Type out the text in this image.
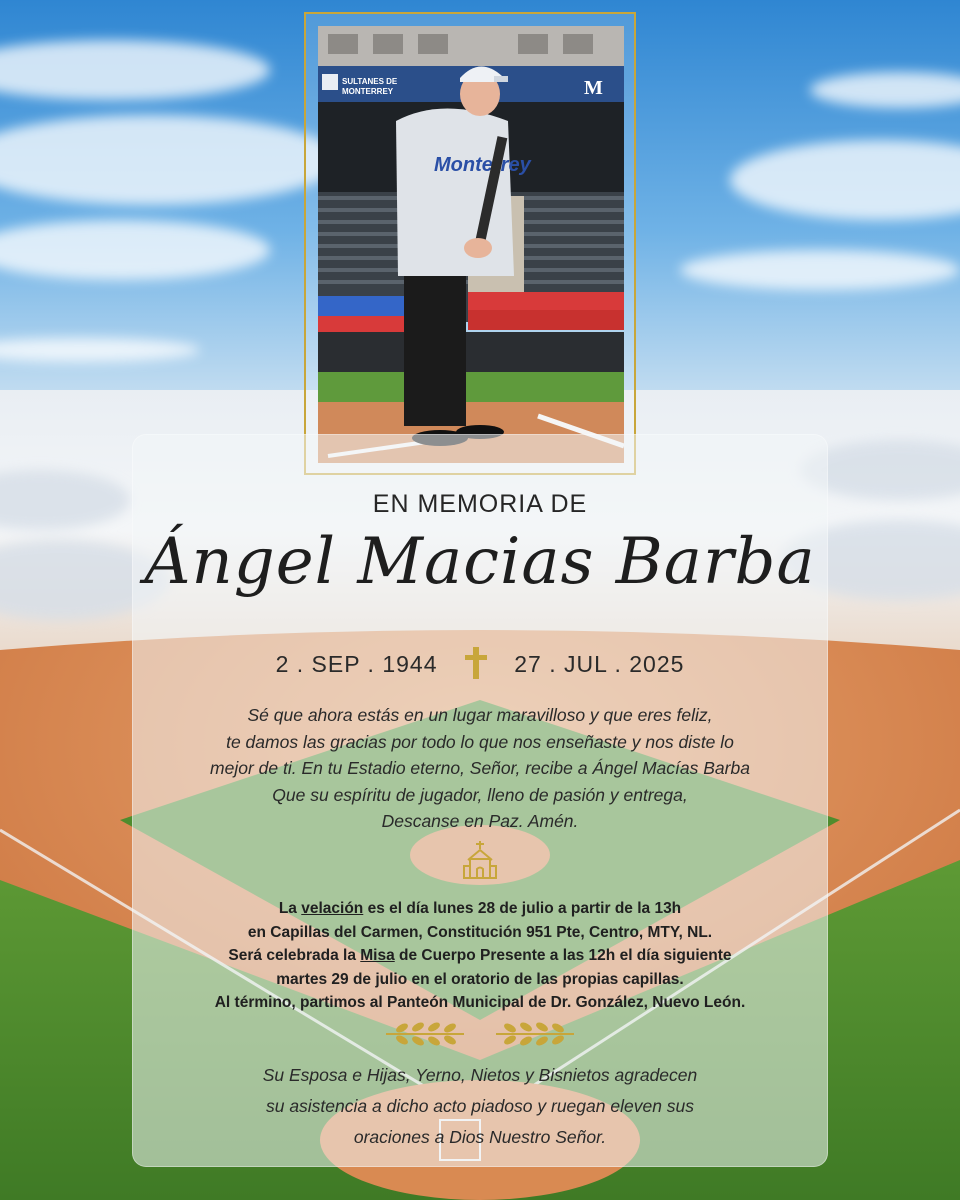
SULTANES DE
MONTERREY	M
Monterrey
EN MEMORIA DE
Ángel Macias Barba
2 . SEP . 1944	27 . JUL . 2025
Sé que ahora estás en un lugar maravilloso y que eres feliz,
te damos las gracias por todo lo que nos enseñaste y nos diste lo
mejor de ti. En tu Estadio eterno, Señor, recibe a Ángel Macías Barba
Que su espíritu de jugador, lleno de pasión y entrega,
Descanse en Paz. Amén.
La velación es el día lunes 28 de julio a partir de la 13h
en Capillas del Carmen, Constitución 951 Pte, Centro, MTY, NL.
Será celebrada la Misa de Cuerpo Presente a las 12h el día siguiente
martes 29 de julio en el oratorio de las propias capillas.
Al término, partimos al Panteón Municipal de Dr. González, Nuevo León.
Su Esposa e Hijas, Yerno, Nietos y Bisnietos agradecen
su asistencia a dicho acto piadoso y ruegan eleven sus
oraciones a Dios Nuestro Señor.
